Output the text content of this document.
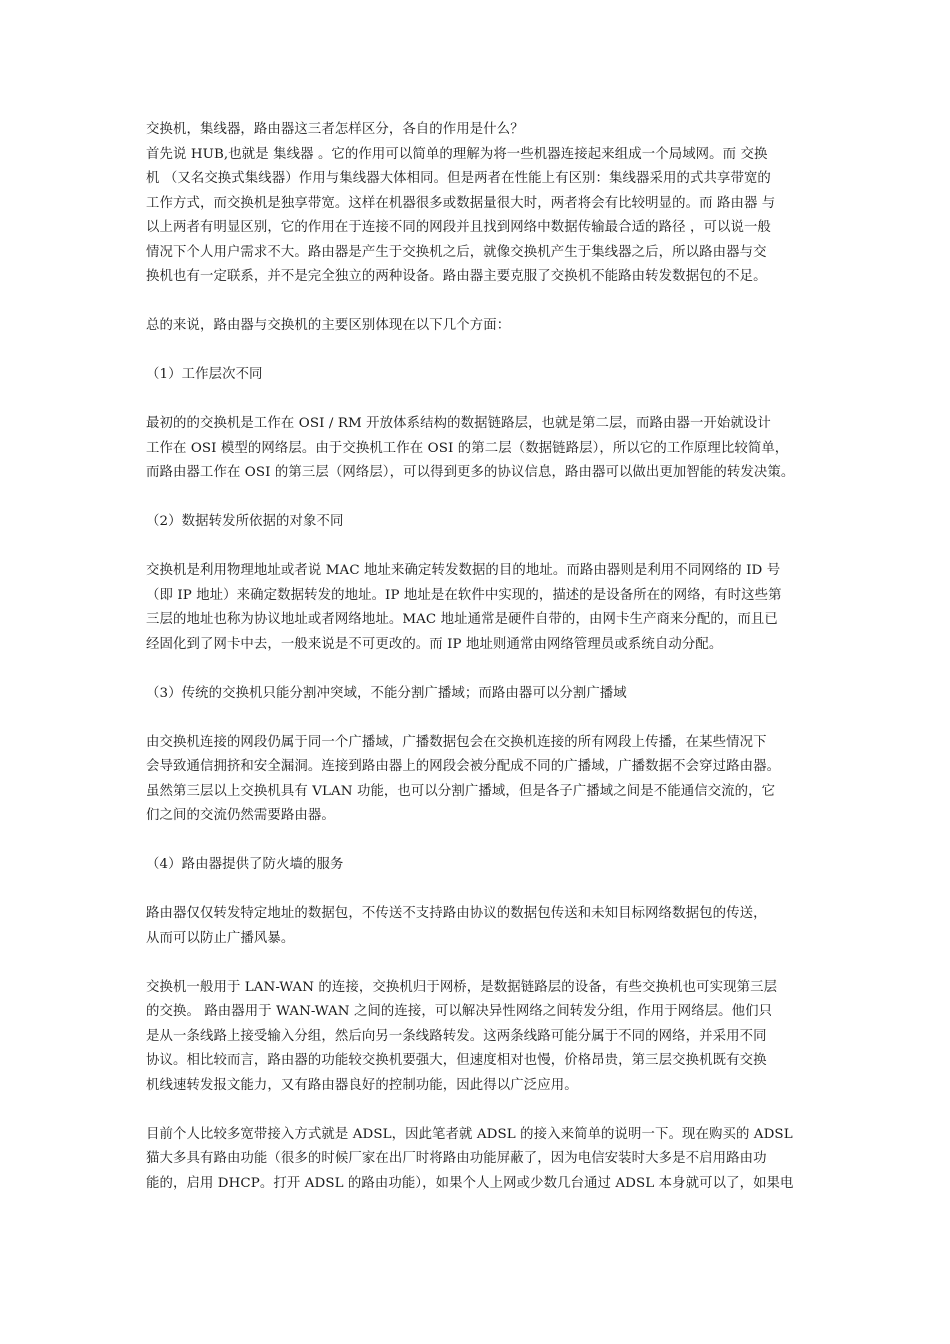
交换机，集线器，路由器这三者怎样区分，各自的作用是什么？
首先说 HUB,也就是 集线器 。它的作用可以简单的理解为将一些机器连接起来组成一个局域网。而 交换
机 （又名交换式集线器）作用与集线器大体相同。但是两者在性能上有区别：集线器采用的式共享带宽的
工作方式，而交换机是独享带宽。这样在机器很多或数据量很大时，两者将会有比较明显的。而 路由器 与
以上两者有明显区别，它的作用在于连接不同的网段并且找到网络中数据传输最合适的路径 ，可以说一般
情况下个人用户需求不大。路由器是产生于交换机之后，就像交换机产生于集线器之后，所以路由器与交
换机也有一定联系，并不是完全独立的两种设备。路由器主要克服了交换机不能路由转发数据包的不足。
总的来说，路由器与交换机的主要区别体现在以下几个方面：
（1）工作层次不同
最初的的交换机是工作在 OSI / RM 开放体系结构的数据链路层，也就是第二层，而路由器一开始就设计
工作在 OSI 模型的网络层。由于交换机工作在 OSI 的第二层（数据链路层），所以它的工作原理比较简单，
而路由器工作在 OSI 的第三层（网络层），可以得到更多的协议信息，路由器可以做出更加智能的转发决策。
（2）数据转发所依据的对象不同
交换机是利用物理地址或者说 MAC 地址来确定转发数据的目的地址。而路由器则是利用不同网络的 ID 号
（即 IP 地址）来确定数据转发的地址。IP 地址是在软件中实现的，描述的是设备所在的网络，有时这些第
三层的地址也称为协议地址或者网络地址。MAC 地址通常是硬件自带的，由网卡生产商来分配的，而且已
经固化到了网卡中去，一般来说是不可更改的。而 IP 地址则通常由网络管理员或系统自动分配。
（3）传统的交换机只能分割冲突域，不能分割广播域；而路由器可以分割广播域
由交换机连接的网段仍属于同一个广播域，广播数据包会在交换机连接的所有网段上传播，在某些情况下
会导致通信拥挤和安全漏洞。连接到路由器上的网段会被分配成不同的广播域，广播数据不会穿过路由器。
虽然第三层以上交换机具有 VLAN 功能，也可以分割广播域，但是各子广播域之间是不能通信交流的，它
们之间的交流仍然需要路由器。
（4）路由器提供了防火墙的服务
路由器仅仅转发特定地址的数据包，不传送不支持路由协议的数据包传送和未知目标网络数据包的传送，
从而可以防止广播风暴。
交换机一般用于 LAN-WAN 的连接，交换机归于网桥，是数据链路层的设备，有些交换机也可实现第三层
的交换。 路由器用于 WAN-WAN 之间的连接，可以解决异性网络之间转发分组，作用于网络层。他们只
是从一条线路上接受输入分组，然后向另一条线路转发。这两条线路可能分属于不同的网络，并采用不同
协议。相比较而言，路由器的功能较交换机要强大，但速度相对也慢，价格昂贵，第三层交换机既有交换
机线速转发报文能力，又有路由器良好的控制功能，因此得以广泛应用。
目前个人比较多宽带接入方式就是 ADSL，因此笔者就 ADSL 的接入来简单的说明一下。现在购买的 ADSL
猫大多具有路由功能（很多的时候厂家在出厂时将路由功能屏蔽了，因为电信安装时大多是不启用路由功
能的，启用 DHCP。打开 ADSL 的路由功能），如果个人上网或少数几台通过 ADSL 本身就可以了，如果电
